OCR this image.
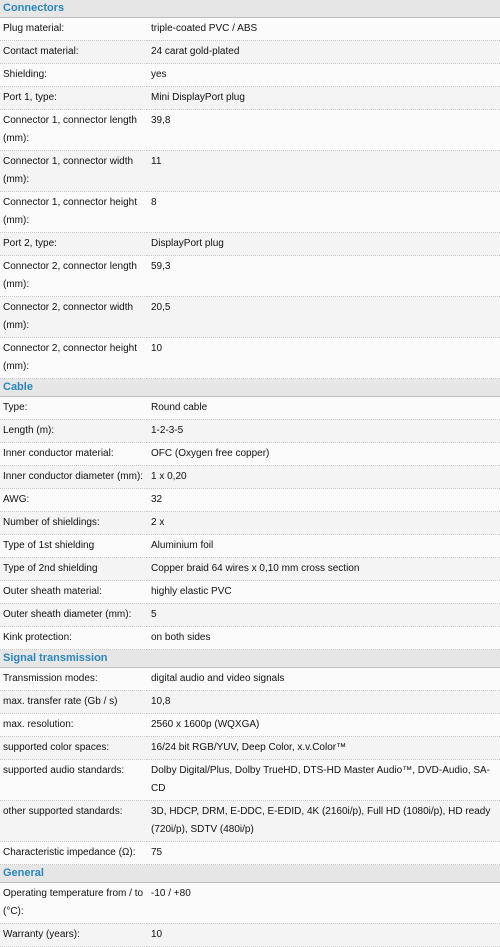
Connectors
Plug material:	triple-coated PVC / ABS
Contact material:	24 carat gold-plated
Shielding:	yes
Port 1, type:	Mini DisplayPort plug
Connector 1, connector length (mm):	39,8
Connector 1, connector width (mm):	11
Connector 1, connector height (mm):	8
Port 2, type:	DisplayPort plug
Connector 2, connector length (mm):	59,3
Connector 2, connector width (mm):	20,5
Connector 2, connector height (mm):	10
Cable
Type:	Round cable
Length (m):	1-2-3-5
Inner conductor material:	OFC (Oxygen free copper)
Inner conductor diameter (mm):	1 x 0,20
AWG:	32
Number of shieldings:	2 x
Type of 1st shielding	Aluminium foil
Type of 2nd shielding	Copper braid 64 wires x 0,10 mm cross section
Outer sheath material:	highly elastic PVC
Outer sheath diameter (mm):	5
Kink protection:	on both sides
Signal transmission
Transmission modes:	digital audio and video signals
max. transfer rate (Gb / s)	10,8
max. resolution:	2560 x 1600p (WQXGA)
supported color spaces:	16/24 bit RGB/YUV, Deep Color, x.v.Color™
supported audio standards:	Dolby Digital/Plus, Dolby TrueHD, DTS-HD Master Audio™, DVD-Audio, SA-CD
other supported standards:	3D, HDCP, DRM, E-DDC, E-EDID, 4K (2160i/p), Full HD (1080i/p), HD ready (720i/p), SDTV (480i/p)
Characteristic impedance (Ω):	75
General
Operating temperature from / to (°C):	-10 / +80
Warranty (years):	10
